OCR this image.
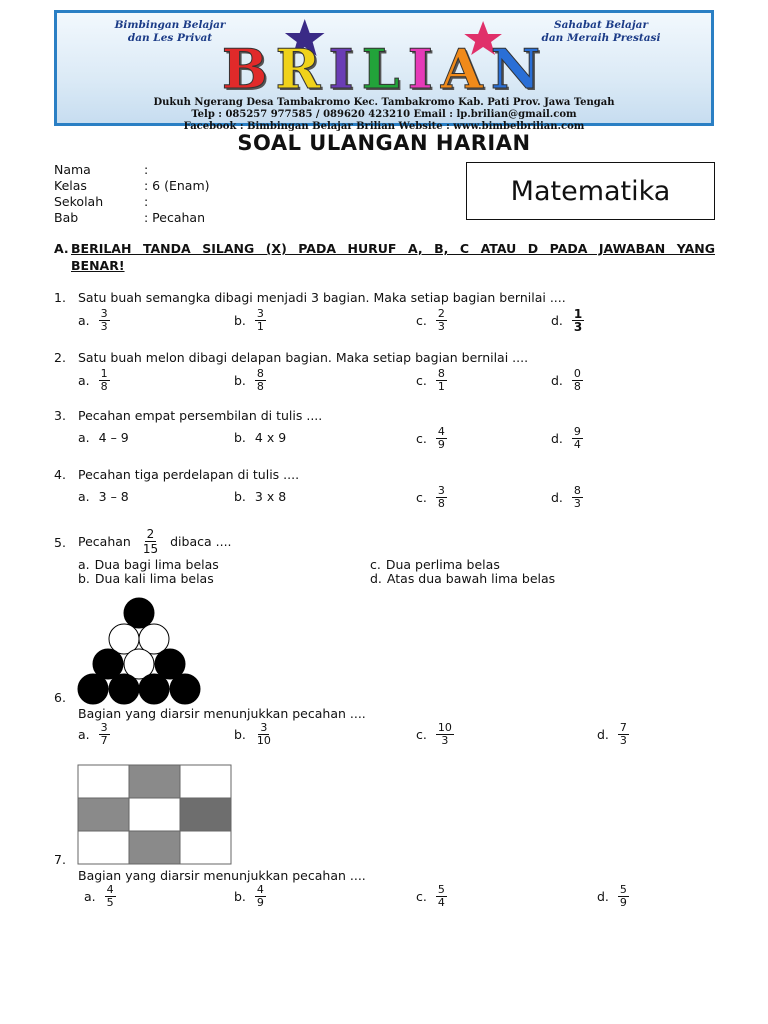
Bimbingan Belajar
dan Les Privat
Sahabat Belajar
dan Meraih Prestasi
B R I L I A N
Dukuh Ngerang Desa Tambakromo Kec. Tambakromo Kab. Pati Prov. Jawa Tengah
Telp : 085257 977585 / 089620 423210 Email : lp.brilian@gmail.com
Facebook : Bimbingan Belajar Brilian Website : www.bimbelbrilian.com
SOAL ULANGAN HARIAN
Nama	:
Kelas	: 6 (Enam)
Sekolah	:
Bab	: Pecahan
Matematika
A. BERILAH TANDA SILANG (X) PADA HURUF A, B, C ATAU D PADA JAWABAN YANG
BENAR!
1. Satu buah semangka dibagi menjadi 3 bagian. Maka setiap bagian bernilai ....
a. $\frac{3}{3}$	b. $\frac{3}{1}$	c. $\frac{2}{3}$	d. $\frac{1}{3}$
2. Satu buah melon dibagi delapan bagian. Maka setiap bagian bernilai ....
a. $\frac{1}{8}$	b. $\frac{8}{8}$	c. $\frac{8}{1}$	d. $\frac{0}{8}$
3. Pecahan empat persembilan di tulis ....
a. 4 – 9	b. 4 x 9	c. $\frac{4}{9}$	d. $\frac{9}{4}$
4. Pecahan tiga perdelapan di tulis ....
a. 3 – 8	b. 3 x 8	c. $\frac{3}{8}$	d. $\frac{8}{3}$
6.
Bagian yang diarsir menunjukkan pecahan ....
a. $\frac{3}{7}$	b. $\frac{3}{10}$	c. $\frac{10}{3}$	d. $\frac{7}{3}$
7.
Bagian yang diarsir menunjukkan pecahan ....
a. $\frac{4}{5}$	b. $\frac{4}{9}$	c. $\frac{5}{4}$	d. $\frac{5}{9}$
5. Pecahan $\frac{2}{15}$ dibaca ....
a. Dua bagi lima belas
b. Dua kali lima belas
c. Dua perlima belas
d. Atas dua bawah lima belas
